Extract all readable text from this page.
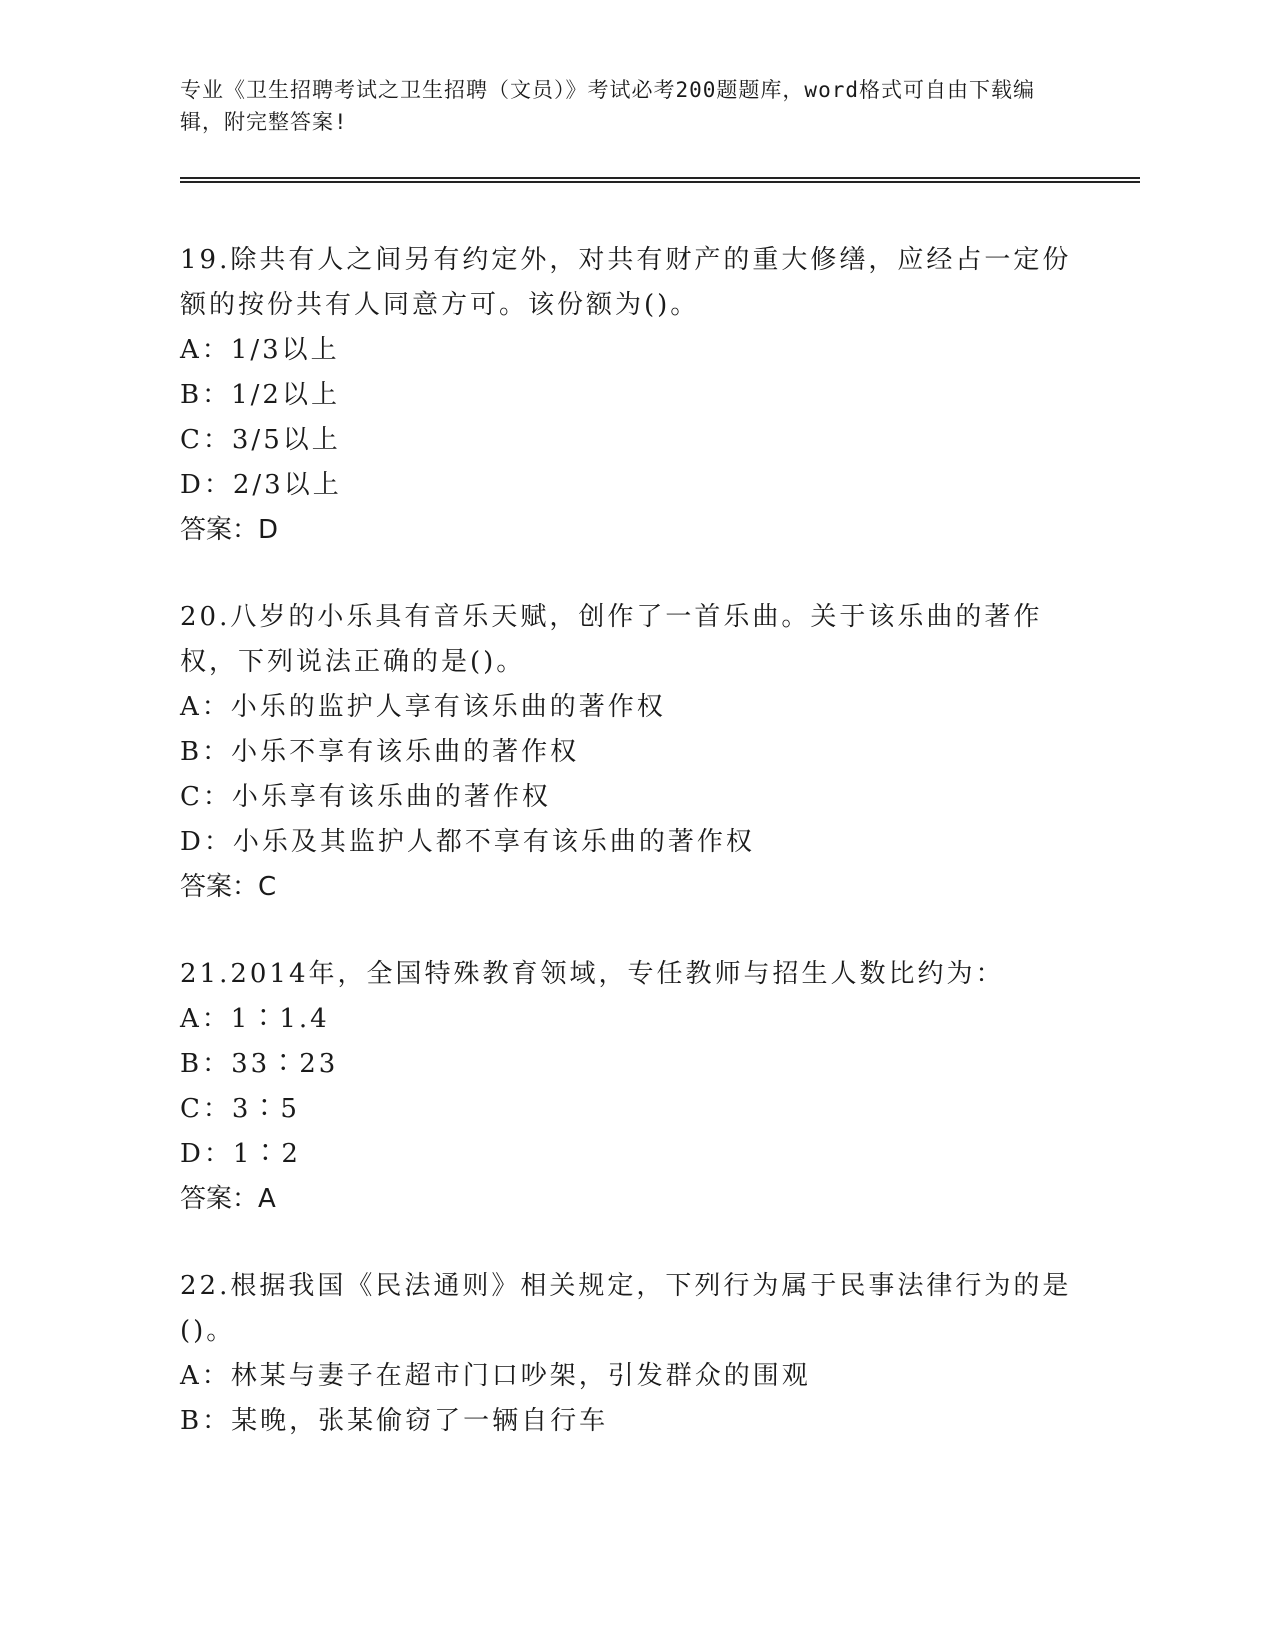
专业《卫生招聘考试之卫生招聘（文员）》考试必考200题题库，word格式可自由下载编辑，附完整答案!

19.除共有人之间另有约定外，对共有财产的重大修缮，应经占一定份额的按份共有人同意方可。该份额为()。

A：1/3以上

B：1/2以上

C：3/5以上

D：2/3以上

答案：D

20.八岁的小乐具有音乐天赋，创作了一首乐曲。关于该乐曲的著作权，下列说法正确的是()。

A：小乐的监护人享有该乐曲的著作权

B：小乐不享有该乐曲的著作权

C：小乐享有该乐曲的著作权

D：小乐及其监护人都不享有该乐曲的著作权

答案：C

21.2014年，全国特殊教育领域，专任教师与招生人数比约为：

A：1∶1.4

B：33∶23

C：3∶5

D：1∶2

答案：A

22.根据我国《民法通则》相关规定，下列行为属于民事法律行为的是()。

A：林某与妻子在超市门口吵架，引发群众的围观

B：某晚，张某偷窃了一辆自行车
